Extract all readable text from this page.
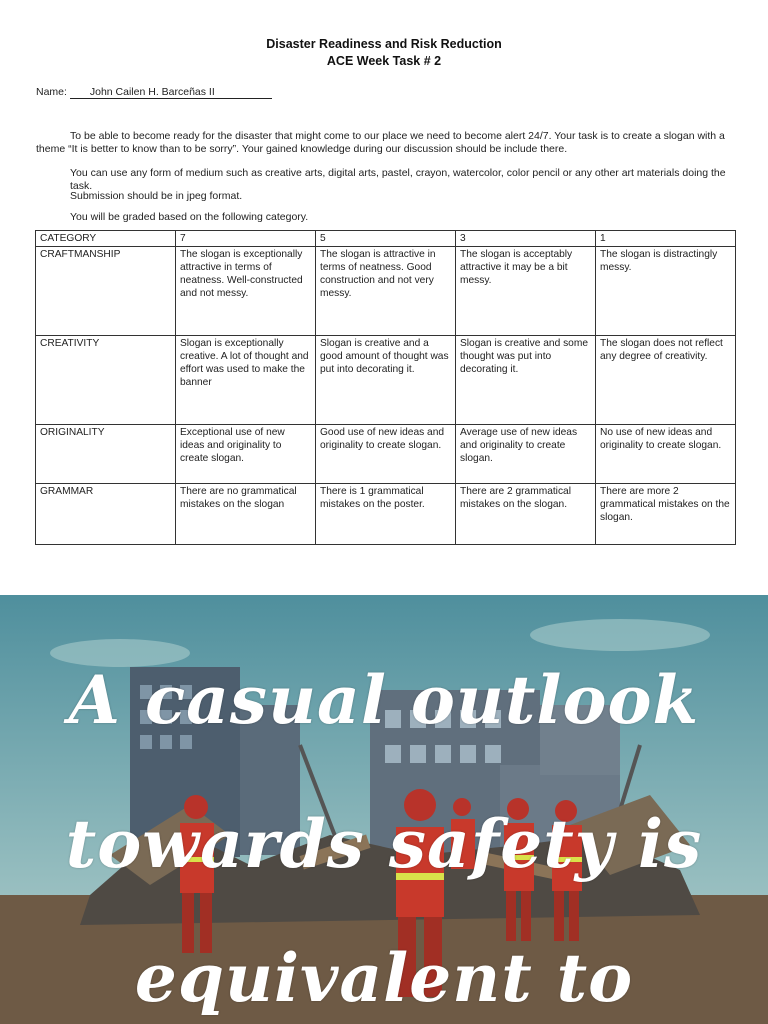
Disaster Readiness and Risk Reduction
ACE Week Task # 2
Name: John Cailen H. Barceñas II
To be able to become ready for the disaster that might come to our place we need to become alert 24/7. Your task is to create a slogan with a theme “It is better to know than to be sorry”. Your gained knowledge during our discussion should be include there.
You can use any form of medium such as creative arts, digital arts, pastel, crayon, watercolor, color pencil or any other art materials doing the task.
Submission should be in jpeg format.
You will be graded based on the following category.
CATEGORY	7	5	3	1
CRAFTMANSHIP	The slogan is exceptionally attractive in terms of neatness. Well-constructed and not messy.	The slogan is attractive in terms of neatness. Good construction and not very messy.	The slogan is acceptably attractive it may be a bit messy.	The slogan is distractingly messy.
CREATIVITY	Slogan is exceptionally creative. A lot of thought and effort was used to make the banner	Slogan is creative and a good amount of thought was put into decorating it.	Slogan is creative and some thought was put into decorating it.	The slogan does not reflect any degree of creativity.
ORIGINALITY	Exceptional use of new ideas and originality to create slogan.	Good use of new ideas and originality to create slogan.	Average use of new ideas and originality to create slogan.	No use of new ideas and originality to create slogan.
GRAMMAR	There are no grammatical mistakes on the slogan	There is 1 grammatical mistakes on the poster.	There are 2 grammatical mistakes on the slogan.	There are more 2 grammatical mistakes on the slogan.
A casual outlook
towards safety is
equivalent to
